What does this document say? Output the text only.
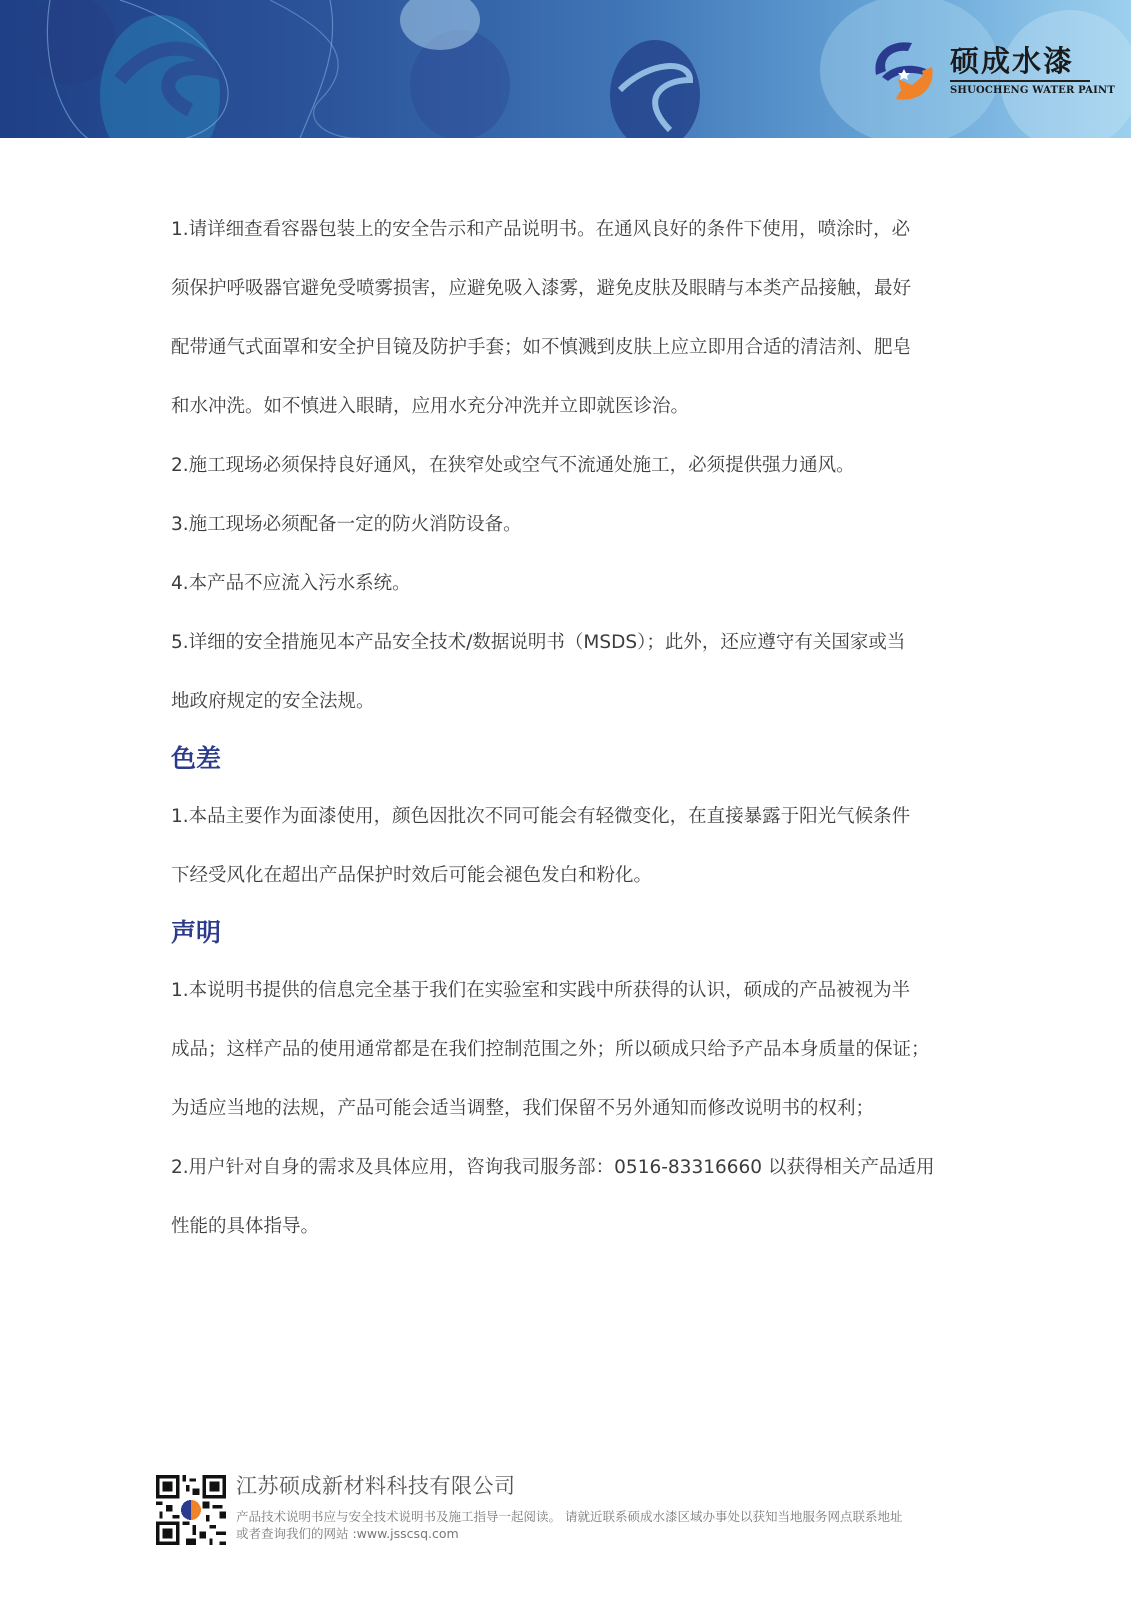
硕成水漆
SHUOCHENG WATER PAINT

1.请详细查看容器包装上的安全告示和产品说明书。在通风良好的条件下使用，喷涂时，必
须保护呼吸器官避免受喷雾损害，应避免吸入漆雾，避免皮肤及眼睛与本类产品接触，最好
配带通气式面罩和安全护目镜及防护手套；如不慎溅到皮肤上应立即用合适的清洁剂、肥皂
和水冲洗。如不慎进入眼睛，应用水充分冲洗并立即就医诊治。

2.施工现场必须保持良好通风，在狭窄处或空气不流通处施工，必须提供强力通风。

3.施工现场必须配备一定的防火消防设备。

4.本产品不应流入污水系统。

5.详细的安全措施见本产品安全技术/数据说明书（MSDS）；此外，还应遵守有关国家或当
地政府规定的安全法规。

色差

1.本品主要作为面漆使用，颜色因批次不同可能会有轻微变化，在直接暴露于阳光气候条件
下经受风化在超出产品保护时效后可能会褪色发白和粉化。

声明

1.本说明书提供的信息完全基于我们在实验室和实践中所获得的认识，硕成的产品被视为半
成品；这样产品的使用通常都是在我们控制范围之外；所以硕成只给予产品本身质量的保证；
为适应当地的法规，产品可能会适当调整，我们保留不另外通知而修改说明书的权利；

2.用户针对自身的需求及具体应用，咨询我司服务部：0516-83316660 以获得相关产品适用
性能的具体指导。

江苏硕成新材料科技有限公司
产品技术说明书应与安全技术说明书及施工指导一起阅读。 请就近联系硕成水漆区域办事处以获知当地服务网点联系地址
或者查询我们的网站 :www.jsscsq.com
